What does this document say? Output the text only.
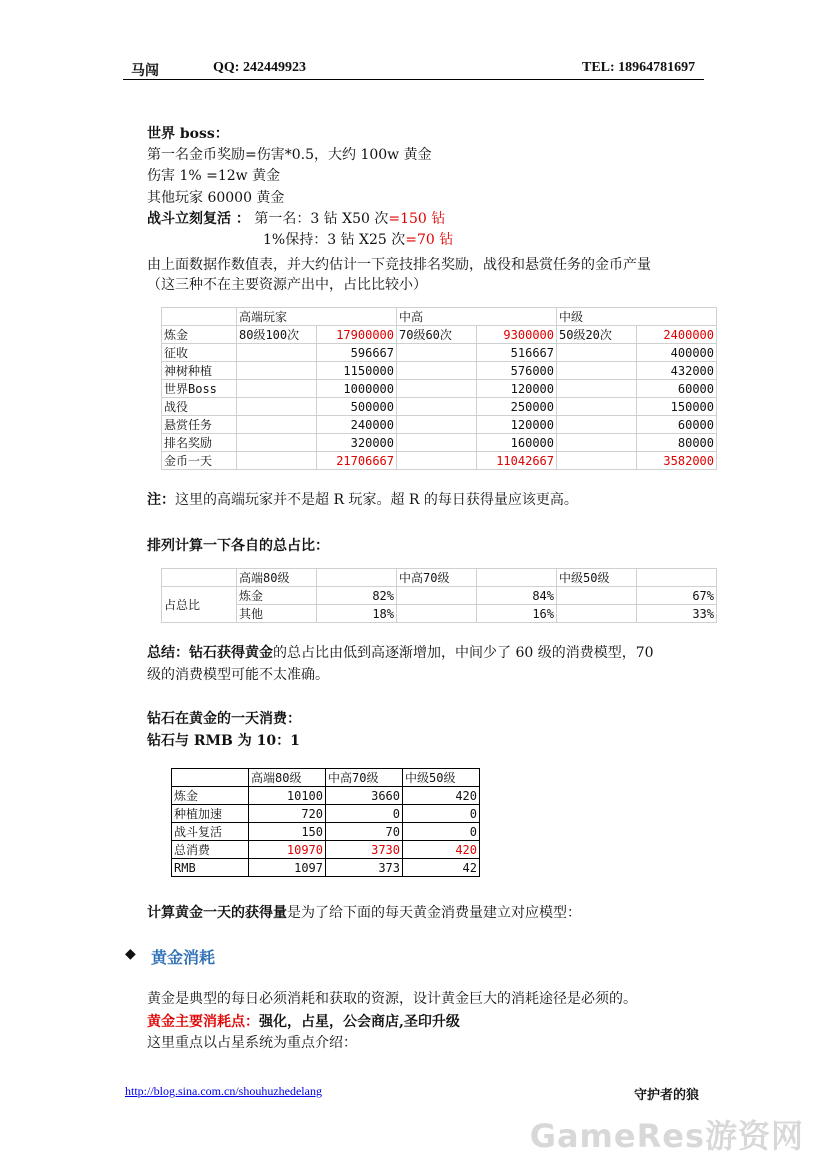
马闯	QQ: 242449923	TEL: 18964781697
世界 boss：
第一名金币奖励=伤害*0.5，大约 100w 黄金
伤害 1% =12w 黄金
其他玩家 60000 黄金
战斗立刻复活 ： 第一名：3 钻 X50 次=150 钻
1%保持：3 钻 X25 次=70 钻
由上面数据作数值表，并大约估计一下竞技排名奖励，战役和悬赏任务的金币产量
（这三种不在主要资源产出中，占比比较小）
	高端玩家		中高		中级	
炼金	80级100次	17900000	70级60次	9300000	50级20次	2400000
征收		596667		516667		400000
神树种植		1150000		576000		432000
世界Boss		1000000		120000		60000
战役		500000		250000		150000
悬赏任务		240000		120000		60000
排名奖励		320000		160000		80000
金币一天		21706667		11042667		3582000
注：这里的高端玩家并不是超 R 玩家。超 R 的每日获得量应该更高。
排列计算一下各自的总占比：
	高端80级		中高70级		中级50级	
占总比	炼金	82%		84%		67%
	其他	18%		16%		33%
总结：钻石获得黄金的总占比由低到高逐渐增加，中间少了 60 级的消费模型，70
级的消费模型可能不太准确。
钻石在黄金的一天消费：
钻石与 RMB 为 10：1
	高端80级	中高70级	中级50级
炼金	10100	3660	420
种植加速	720	0	0
战斗复活	150	70	0
总消费	10970	3730	420
RMB	1097	373	42
计算黄金一天的获得量是为了给下面的每天黄金消费量建立对应模型：
◆ 黄金消耗
黄金是典型的每日必须消耗和获取的资源，设计黄金巨大的消耗途径是必须的。
黄金主要消耗点：强化，占星，公会商店,圣印升级
这里重点以占星系统为重点介绍：
http://blog.sina.com.cn/shouhuzhedelang	守护者的狼
GameRes游资网
